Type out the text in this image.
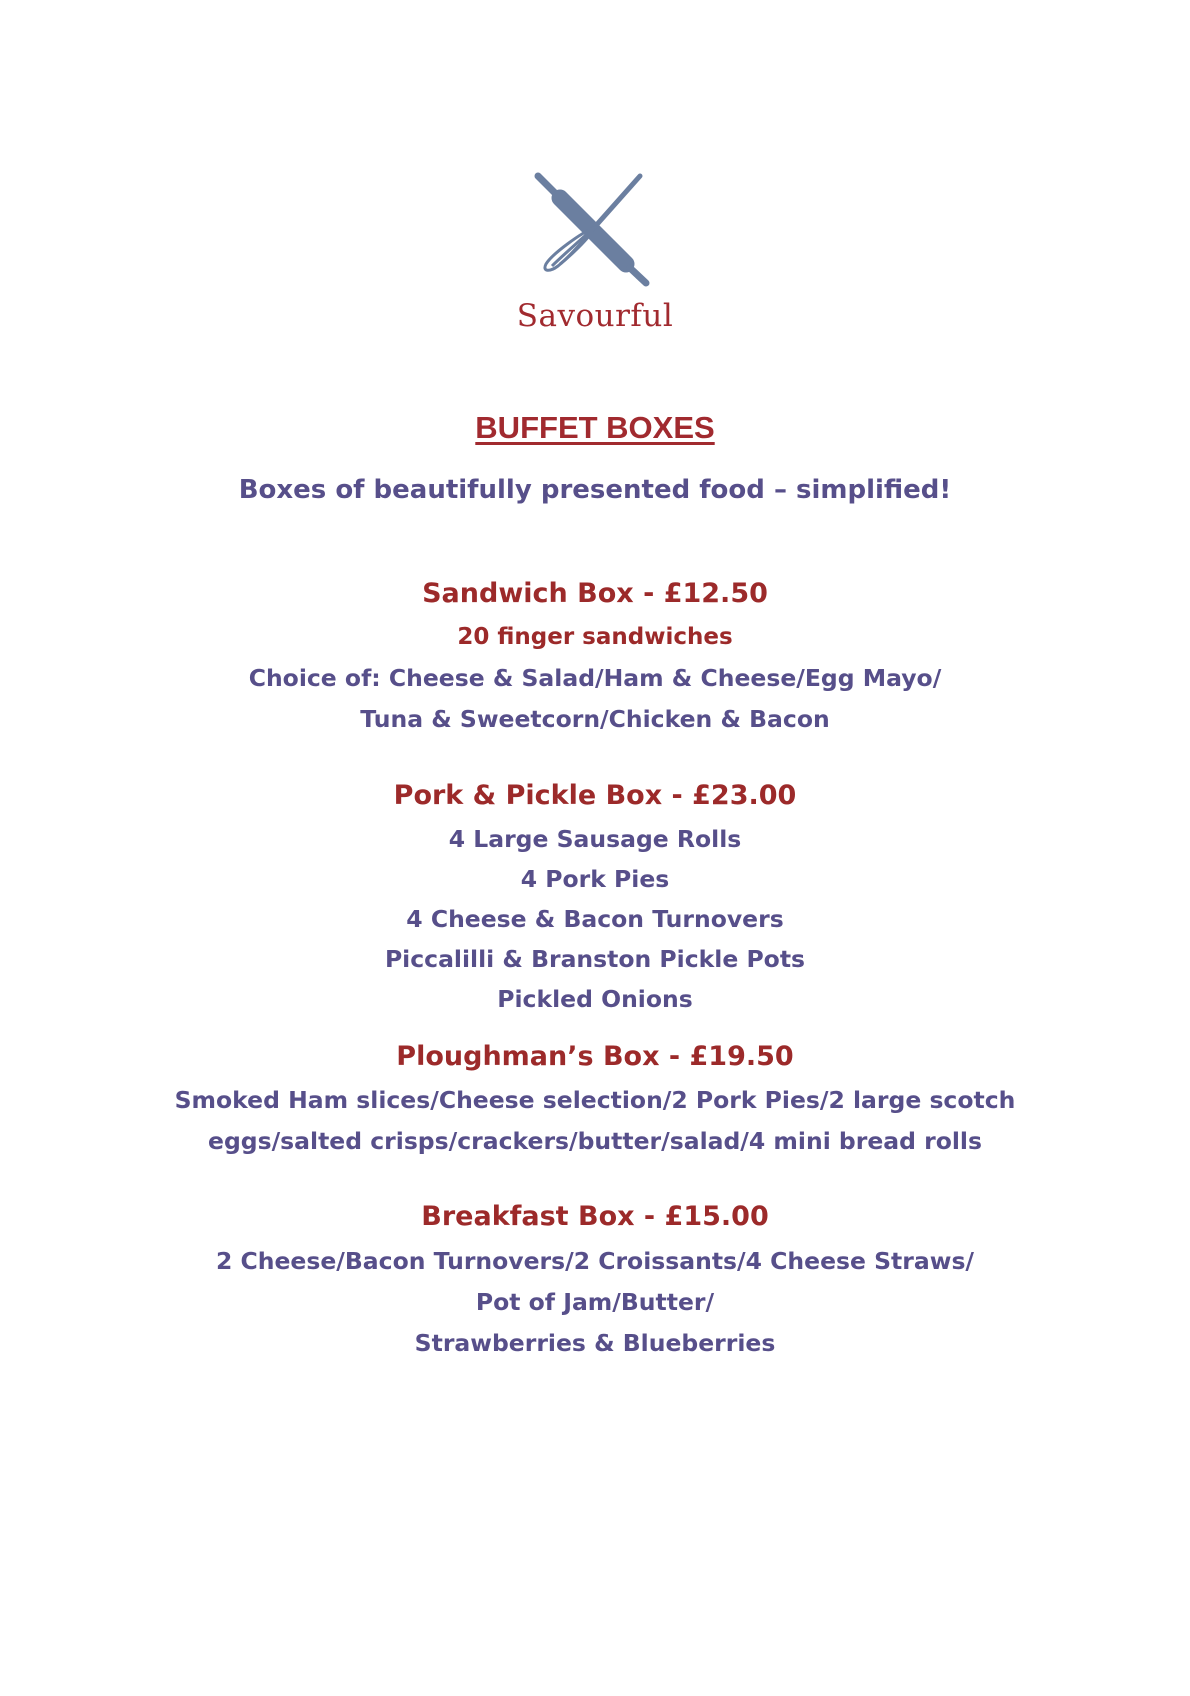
Savourful
BUFFET BOXES
Boxes of beautifully presented food – simplified!
Sandwich Box - £12.50
20 finger sandwiches
Choice of: Cheese & Salad/Ham & Cheese/Egg Mayo/
Tuna & Sweetcorn/Chicken & Bacon
Pork & Pickle Box - £23.00
4 Large Sausage Rolls
4 Pork Pies
4 Cheese & Bacon Turnovers
Piccalilli & Branston Pickle Pots
Pickled Onions
Ploughman’s Box - £19.50
Smoked Ham slices/Cheese selection/2 Pork Pies/2 large scotch
eggs/salted crisps/crackers/butter/salad/4 mini bread rolls
Breakfast Box - £15.00
2 Cheese/Bacon Turnovers/2 Croissants/4 Cheese Straws/
Pot of Jam/Butter/
Strawberries & Blueberries
